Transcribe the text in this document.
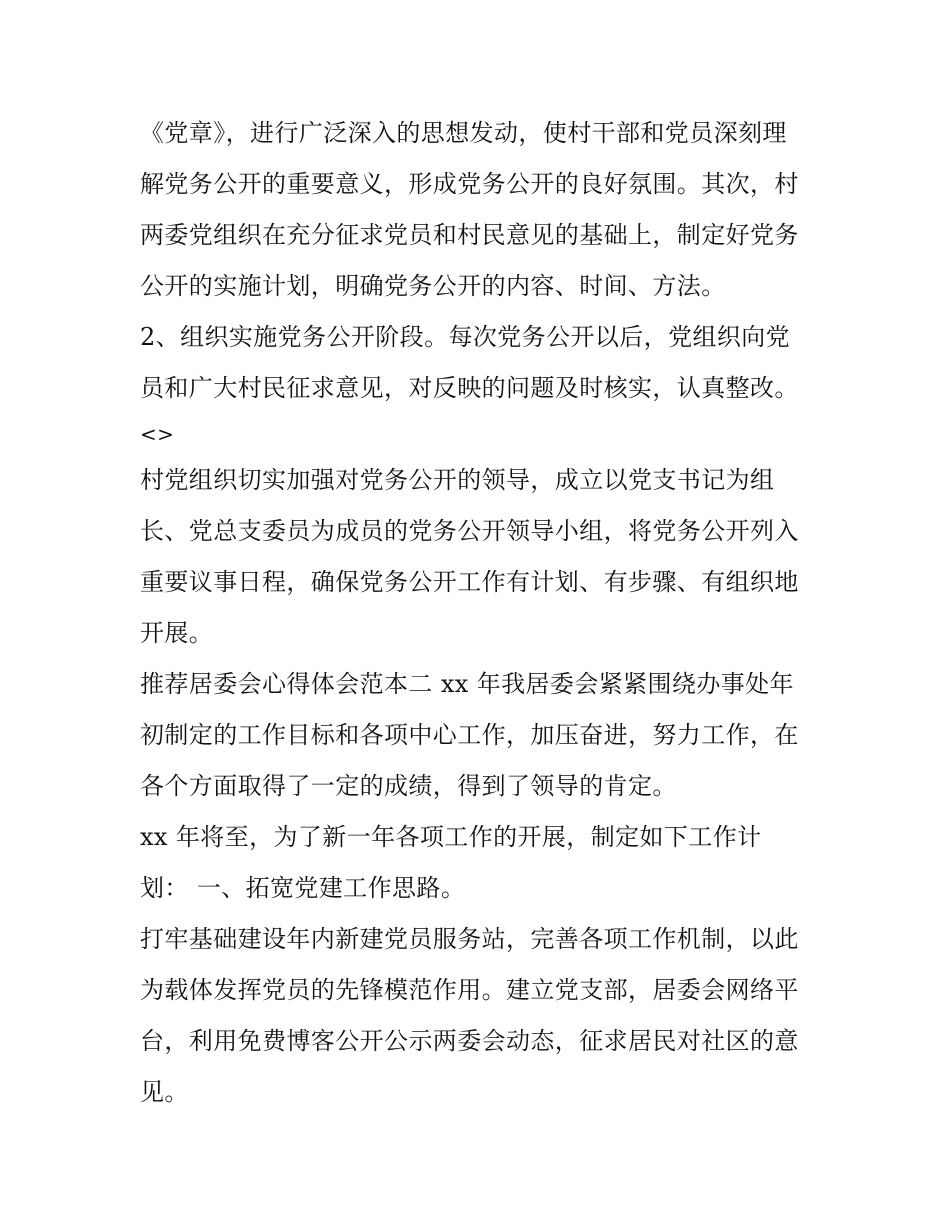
《党章》，进行广泛深入的思想发动，使村干部和党员深刻理
解党务公开的重要意义，形成党务公开的良好氛围。其次，村
两委党组织在充分征求党员和村民意见的基础上，制定好党务
公开的实施计划，明确党务公开的内容、时间、方法。
2、组织实施党务公开阶段。每次党务公开以后，党组织向党
员和广大村民征求意见，对反映的问题及时核实，认真整改。
<>
村党组织切实加强对党务公开的领导，成立以党支书记为组
长、党总支委员为成员的党务公开领导小组，将党务公开列入
重要议事日程，确保党务公开工作有计划、有步骤、有组织地
开展。
推荐居委会心得体会范本二 xx 年我居委会紧紧围绕办事处年
初制定的工作目标和各项中心工作，加压奋进，努力工作，在
各个方面取得了一定的成绩，得到了领导的肯定。
xx 年将至，为了新一年各项工作的开展，制定如下工作计
划： 一、拓宽党建工作思路。
打牢基础建设年内新建党员服务站，完善各项工作机制，以此
为载体发挥党员的先锋模范作用。建立党支部，居委会网络平
台，利用免费博客公开公示两委会动态，征求居民对社区的意
见。
